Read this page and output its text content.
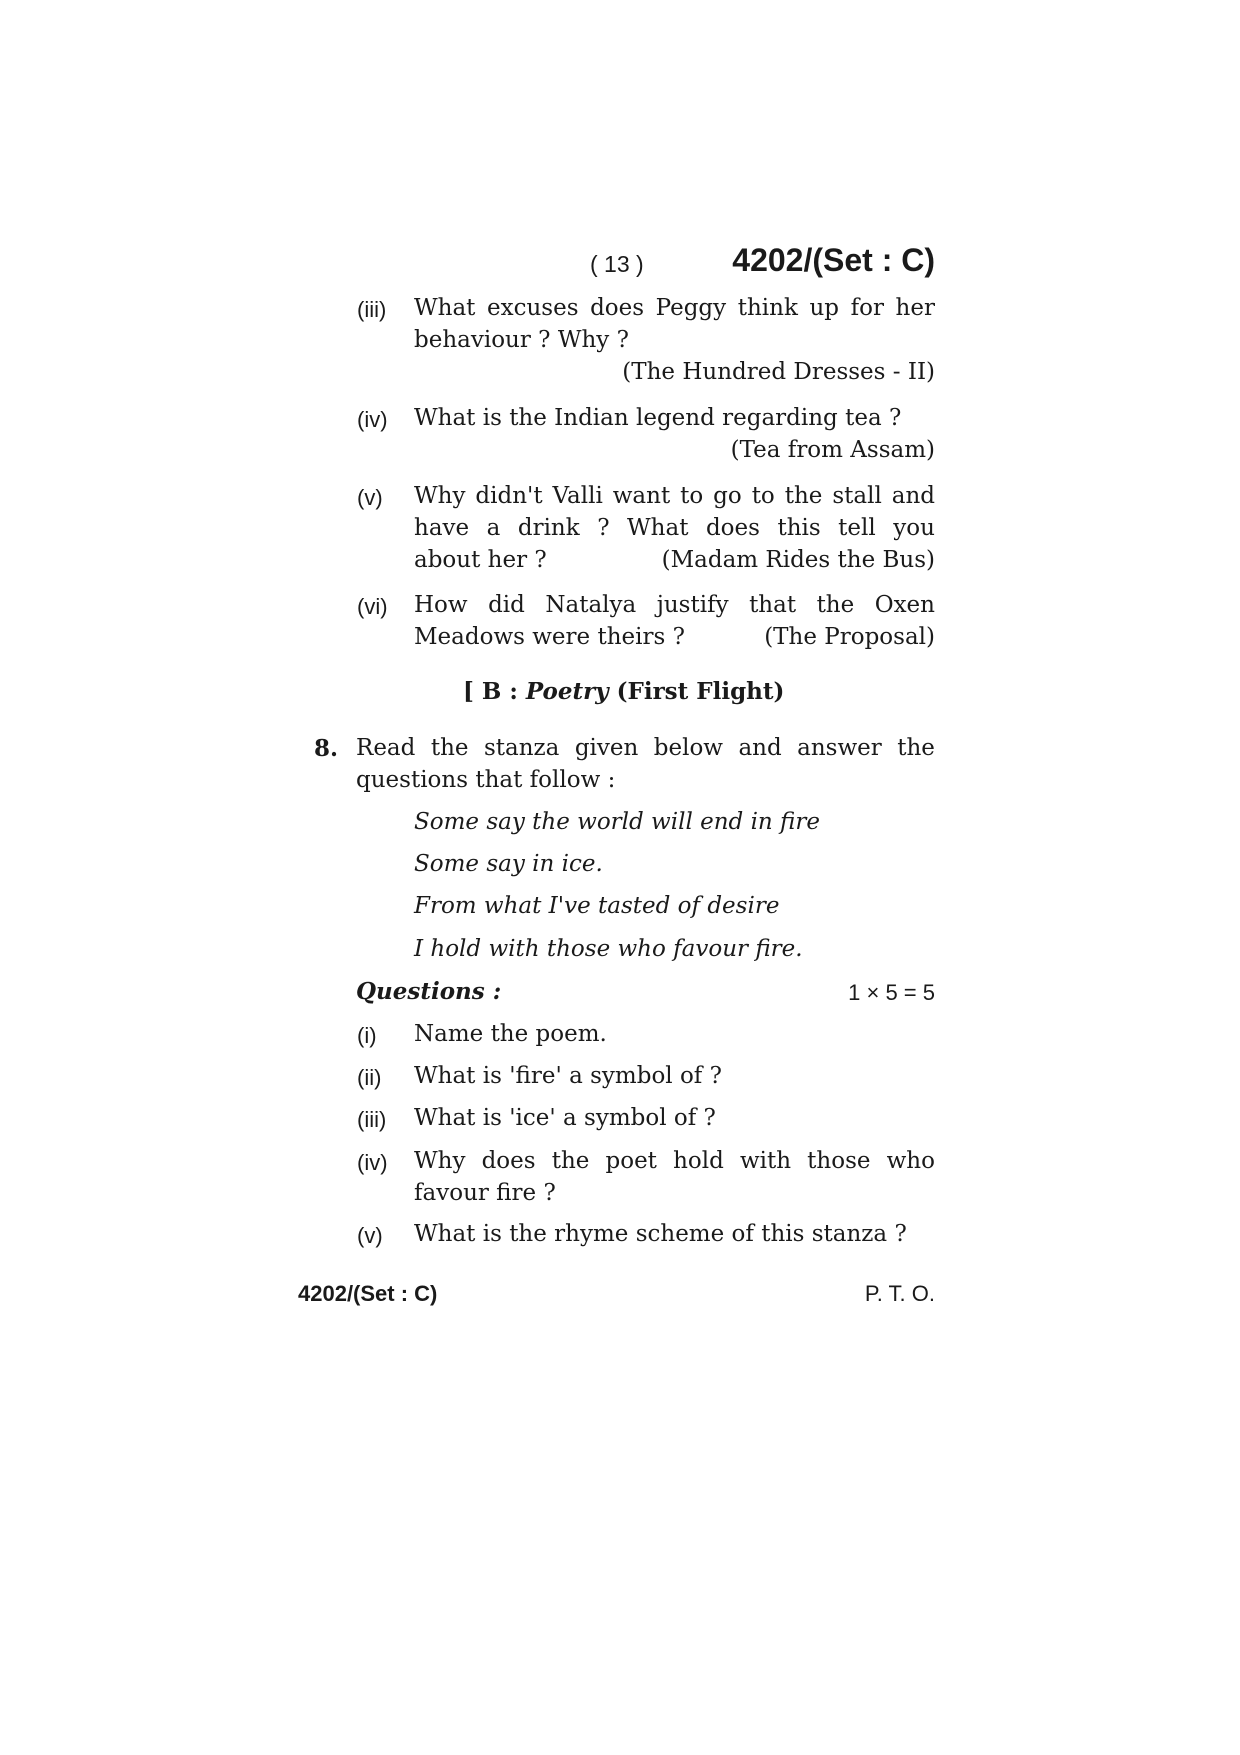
( 13 )	4202/(Set : C)
(iii) What excuses does Peggy think up for her
behaviour ? Why ?
(The Hundred Dresses - II)
(iv) What is the Indian legend regarding tea ?
(Tea from Assam)
(v) Why didn't Valli want to go to the stall and
have a drink ? What does this tell you
about her ?	(Madam Rides the Bus)
(vi) How did Natalya justify that the Oxen
Meadows were theirs ?	(The Proposal)
[ B : Poetry (First Flight)
8. Read the stanza given below and answer the
questions that follow :
Some say the world will end in fire
Some say in ice.
From what I've tasted of desire
I hold with those who favour fire.
Questions :	1 × 5 = 5
(i) Name the poem.
(ii) What is 'fire' a symbol of ?
(iii) What is 'ice' a symbol of ?
(iv) Why does the poet hold with those who
favour fire ?
(v) What is the rhyme scheme of this stanza ?
4202/(Set : C)	P. T. O.
